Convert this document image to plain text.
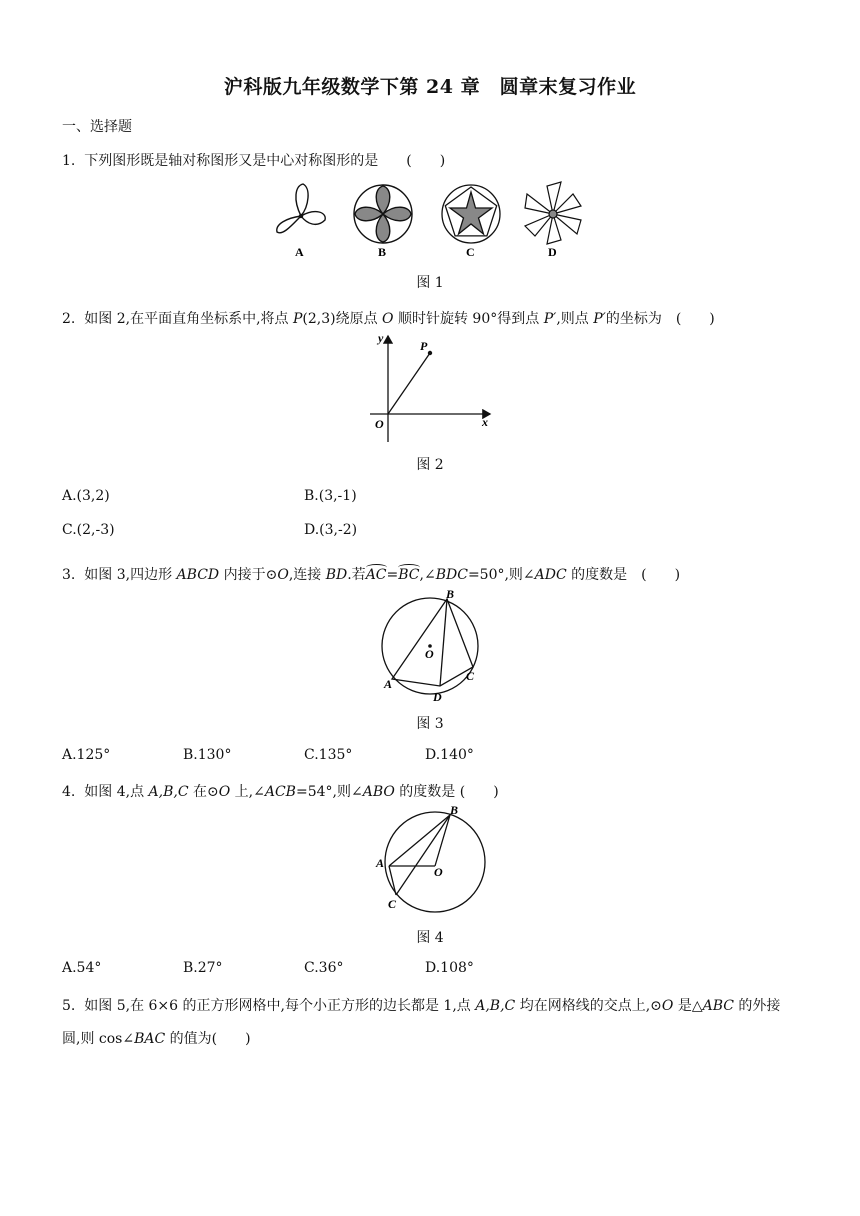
沪科版九年级数学下第 24 章　圆章末复习作业
一、选择题
1. 下列图形既是轴对称图形又是中心对称图形的是　　(　　)
A	B	C	D
图 1
2. 如图 2,在平面直角坐标系中,将点 P(2,3)绕原点 O 顺时针旋转 90°得到点 P′,则点 P′的坐标为　(　　)
y
x
O
P
图 2
A.(3,2)	B.(3,-1)
C.(2,-3)	D.(3,-2)
3. 如图 3,四边形 ABCD 内接于⊙O,连接 BD.若AC=BC,∠BDC=50°,则∠ADC 的度数是　(　　)
O
B
C
D
A
图 3
A.125°	B.130°	C.135°	D.140°
4. 如图 4,点 A,B,C 在⊙O 上,∠ACB=54°,则∠ABO 的度数是 (　　)
B
A
O
C
图 4
A.54°	B.27°	C.36°	D.108°
5. 如图 5,在 6×6 的正方形网格中,每个小正方形的边长都是 1,点 A,B,C 均在网格线的交点上,⊙O 是△ABC 的外接
圆,则 cos∠BAC 的值为(　　)
